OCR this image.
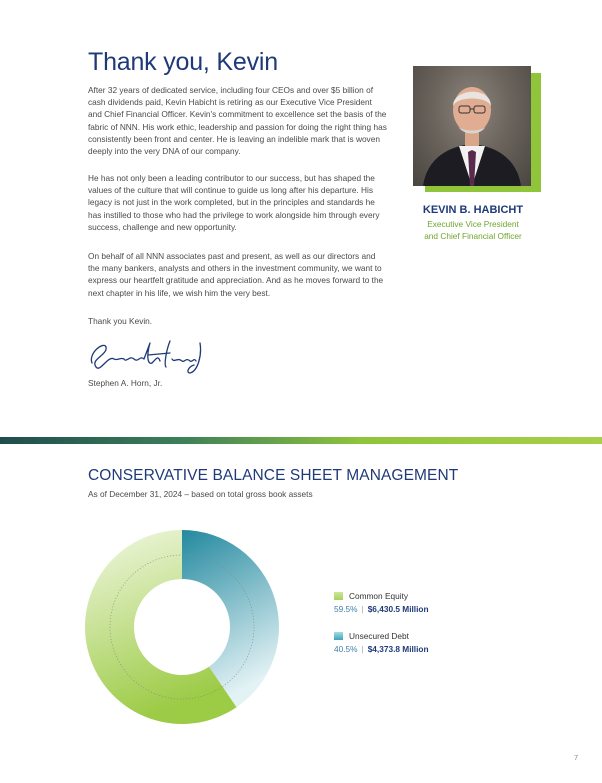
Thank you, Kevin
After 32 years of dedicated service, including four CEOs and over $5 billion of cash dividends paid, Kevin Habicht is retiring as our Executive Vice President and Chief Financial Officer. Kevin's commitment to excellence set the basis of the fabric of NNN. His work ethic, leadership and passion for doing the right thing has consistently been front and center. He is leaving an indelible mark that is woven deeply into the very DNA of our company.
He has not only been a leading contributor to our success, but has shaped the values of the culture that will continue to guide us long after his departure. His legacy is not just in the work completed, but in the principles and standards he has instilled to those who had the privilege to work alongside him through every success, challenge and new opportunity.
On behalf of all NNN associates past and present, as well as our directors and the many bankers, analysts and others in the investment community, we want to express our heartfelt gratitude and appreciation. And as he moves forward to the next chapter in his life, we wish him the very best.
Thank you Kevin.
Stephen A. Horn, Jr.
KEVIN B. HABICHT
Executive Vice President
and Chief Financial Officer
CONSERVATIVE BALANCE SHEET MANAGEMENT
As of December 31, 2024 – based on total gross book assets
Common Equity
59.5% | $6,430.5 Million
Unsecured Debt
40.5% | $4,373.8 Million
7
